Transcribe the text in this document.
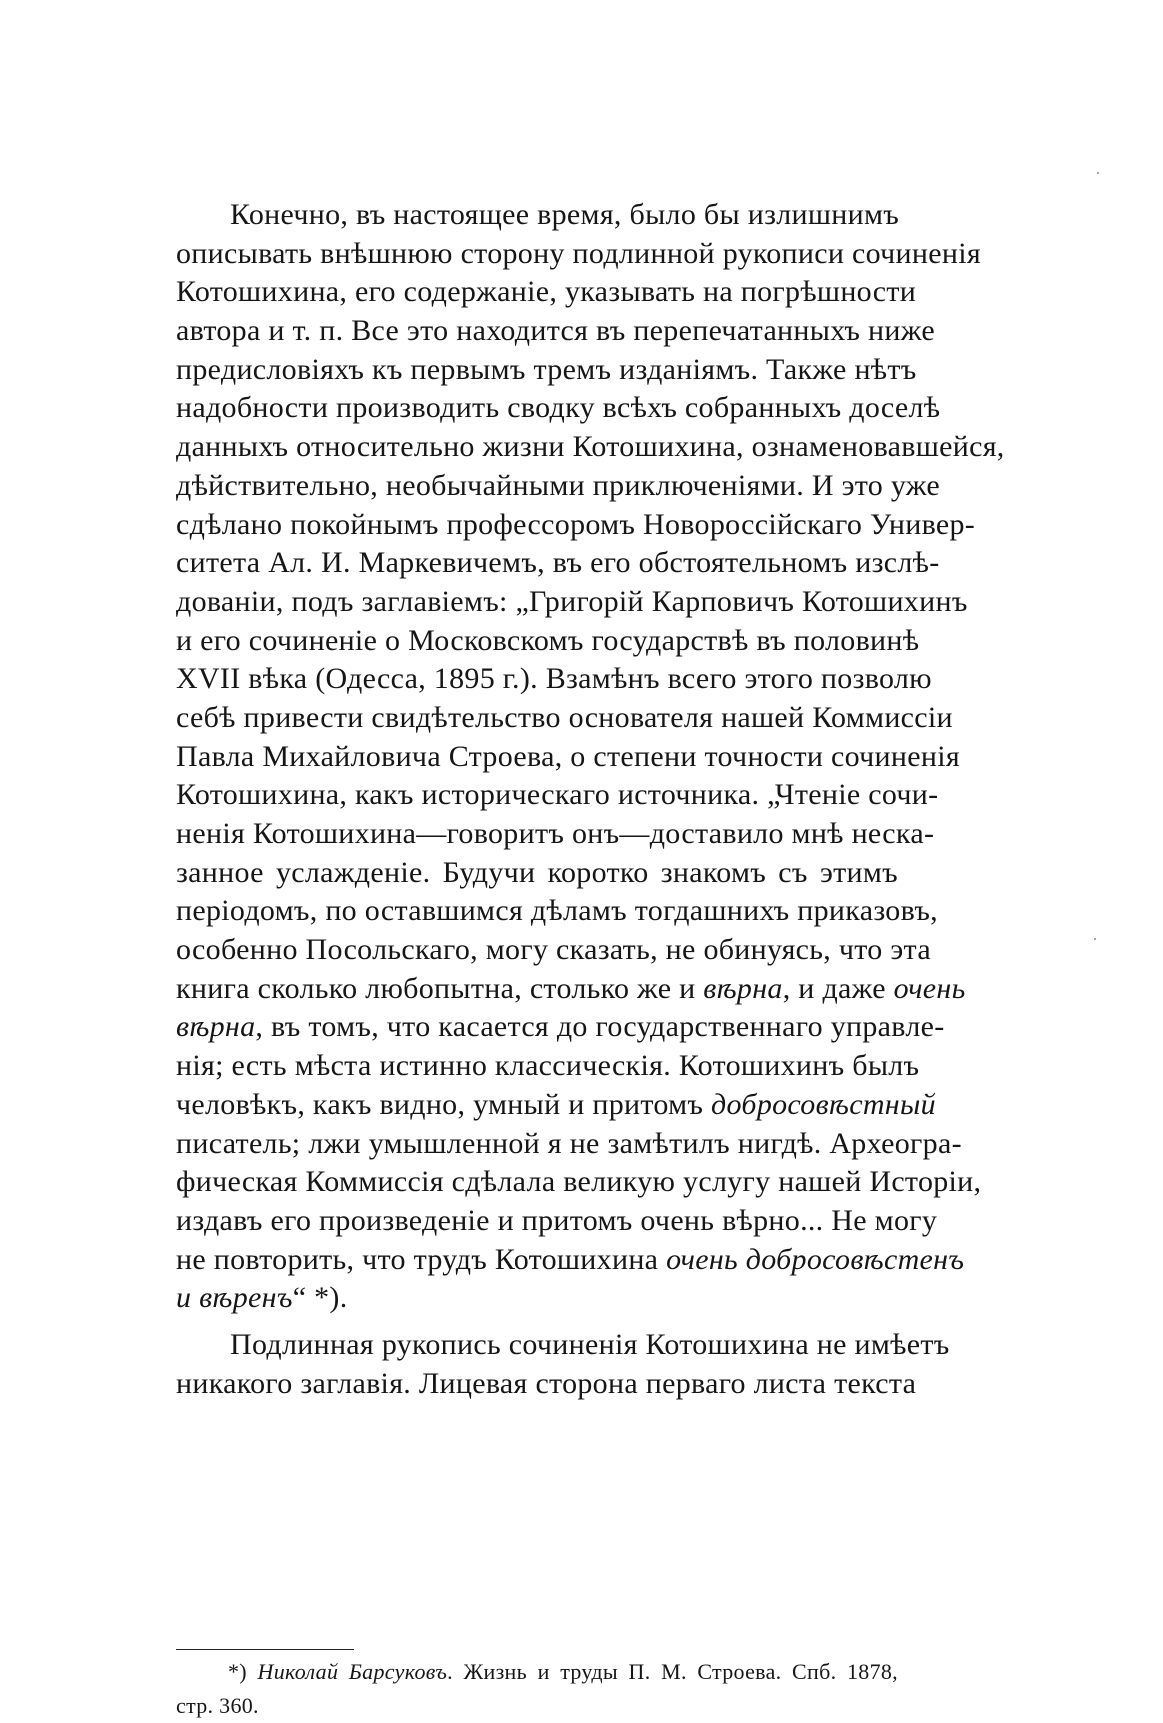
Конечно, въ настоящее время, было бы излишнимъ
описывать внѣшнюю сторону подлинной рукописи сочиненія
Котошихина, его содержаніе, указывать на погрѣшности
автора и т. п. Все это находится въ перепечатанныхъ ниже
предисловіяхъ къ первымъ тремъ изданіямъ. Также нѣтъ
надобности производить сводку всѣхъ собранныхъ доселѣ
данныхъ относительно жизни Котошихина, ознаменовавшейся,
дѣйствительно, необычайными приключеніями. И это уже
сдѣлано покойнымъ профессоромъ Новороссійскаго Универ-
ситета Ал. И. Маркевичемъ, въ его обстоятельномъ изслѣ-
дованіи, подъ заглавіемъ: „Григорій Карповичъ Котошихинъ
и его сочиненіе о Московскомъ государствѣ въ половинѣ
XVII вѣка (Одесса, 1895 г.). Взамѣнъ всего этого позволю
себѣ привести свидѣтельство основателя нашей Коммиссіи
Павла Михайловича Строева, о степени точности сочиненія
Котошихина, какъ историческаго источника. „Чтеніе сочи-
ненія Котошихина—говоритъ онъ—доставило мнѣ неска-
занное услажденіе. Будучи коротко знакомъ съ этимъ
періодомъ, по оставшимся дѣламъ тогдашнихъ приказовъ,
особенно Посольскаго, могу сказать, не обинуясь, что эта
книга сколько любопытна, столько же и вѣрна, и даже очень
вѣрна, въ томъ, что касается до государственнаго управле-
нія; есть мѣста истинно классическія. Котошихинъ былъ
человѣкъ, какъ видно, умный и притомъ добросовѣстный
писатель; лжи умышленной я не замѣтилъ нигдѣ. Археогра-
фическая Коммиссія сдѣлала великую услугу нашей Исторіи,
издавъ его произведеніе и притомъ очень вѣрно... Не могу
не повторить, что трудъ Котошихина очень добросовѣстенъ
и вѣренъ“ *).
Подлинная рукопись сочиненія Котошихина не имѣетъ
никакого заглавія. Лицевая сторона перваго листа текста
*) Николай Барсуковъ. Жизнь и труды П. М. Строева. Спб. 1878,
стр. 360.
